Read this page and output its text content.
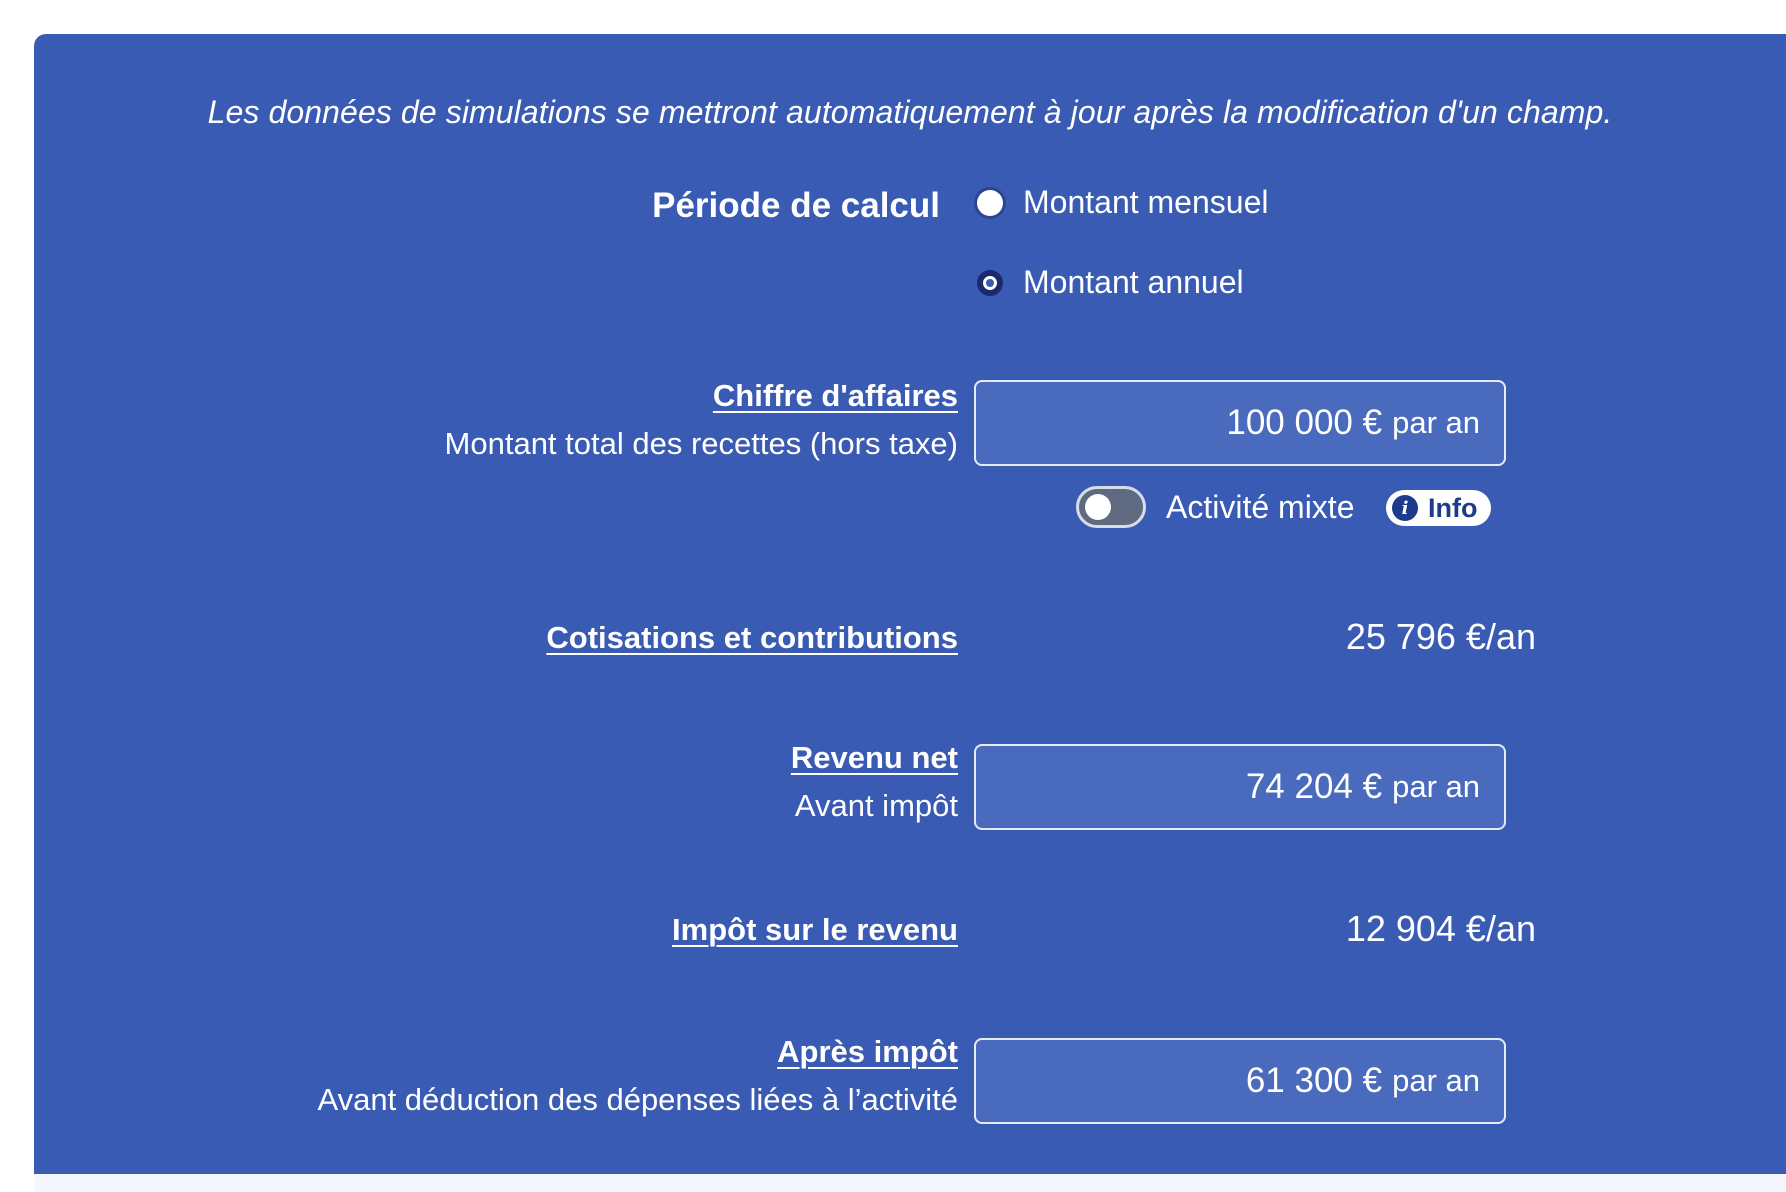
Les données de simulations se mettront automatiquement à jour après la modification d'un champ.
Période de calcul	Montant mensuel
Montant annuel
Chiffre d'affaires
Montant total des recettes (hors taxe)
100 000 € par an
Activité mixte	i Info
Cotisations et contributions	25 796 €/an
Revenu net
Avant impôt	74 204 € par an
Impôt sur le revenu	12 904 €/an
Après impôt
Avant déduction des dépenses liées à l’activité	61 300 € par an
